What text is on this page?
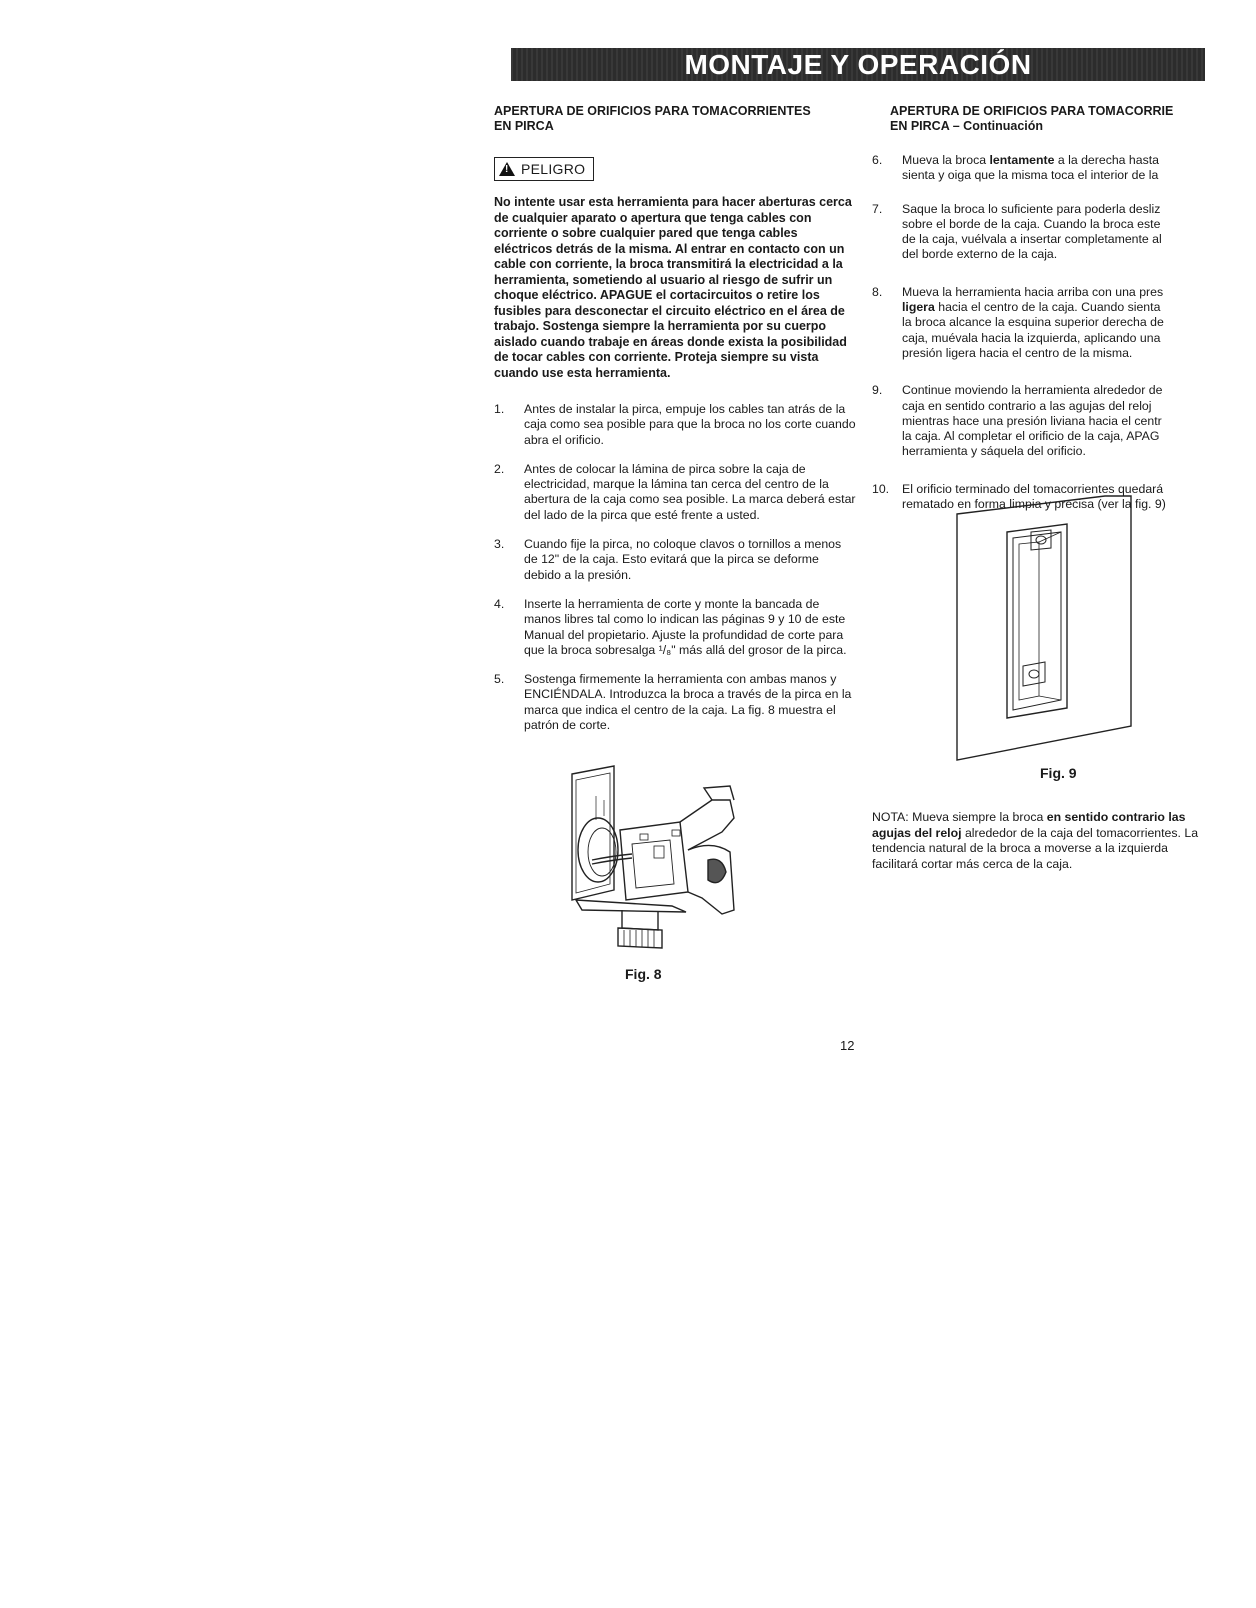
MONTAJE Y OPERACIÓN

APERTURA DE ORIFICIOS PARA TOMACORRIENTES
EN PIRCA

!PELIGRO

No intente usar esta herramienta para hacer aberturas cerca de cualquier aparato o apertura que tenga cables con corriente o sobre cualquier pared que tenga cables eléctricos detrás de la misma. Al entrar en contacto con un cable con corriente, la broca transmitirá la electricidad a la herramienta, sometiendo al usuario al riesgo de sufrir un choque eléctrico. APAGUE el cortacircuitos o retire los fusibles para desconectar el circuito eléctrico en el área de trabajo. Sostenga siempre la herramienta por su cuerpo aislado cuando trabaje en áreas donde exista la posibilidad de tocar cables con corriente. Proteja siempre su vista cuando use esta herramienta.

1. Antes de instalar la pirca, empuje los cables tan atrás de la caja como sea posible para que la broca no los corte cuando abra el orificio.
2. Antes de colocar la lámina de pirca sobre la caja de electricidad, marque la lámina tan cerca del centro de la abertura de la caja como sea posible. La marca deberá estar del lado de la pirca que esté frente a usted.
3. Cuando fije la pirca, no coloque clavos o tornillos a menos de 12" de la caja. Esto evitará que la pirca se deforme debido a la presión.
4. Inserte la herramienta de corte y monte la bancada de manos libres tal como lo indican las páginas 9 y 10 de este Manual del propietario. Ajuste la profundidad de corte para que la broca sobresalga ¹/₈" más allá del grosor de la pirca.
5. Sostenga firmemente la herramienta con ambas manos y ENCIÉNDALA. Introduzca la broca a través de la pirca en la marca que indica el centro de la caja. La fig. 8 muestra el patrón de corte.
Fig. 8

APERTURA DE ORIFICIOS PARA TOMACORRIE
EN PIRCA – Continuación

6. Mueva la broca lentamente a la derecha hasta
sienta y oiga que la misma toca el interior de la
7. Saque la broca lo suficiente para poderla desliz
sobre el borde de la caja. Cuando la broca este
de la caja, vuélvala a insertar completamente al
del borde externo de la caja.
8. Mueva la herramienta hacia arriba con una pres
ligera hacia el centro de la caja. Cuando sienta
la broca alcance la esquina superior derecha de
caja, muévala hacia la izquierda, aplicando una
presión ligera hacia el centro de la misma.
9. Continue moviendo la herramienta alrededor de
caja en sentido contrario a las agujas del reloj
mientras hace una presión liviana hacia el centr
la caja. Al completar el orificio de la caja, APAG
herramienta y sáquela del orificio.
10. El orificio terminado del tomacorrientes quedará
rematado en forma limpia y precisa (ver la fig. 9)
Fig. 9
NOTA: Mueva siempre la broca en sentido contrario las agujas del reloj alrededor de la caja del tomacorrientes. La tendencia natural de la broca a moverse a la izquierda facilitará cortar más cerca de la caja.
12
